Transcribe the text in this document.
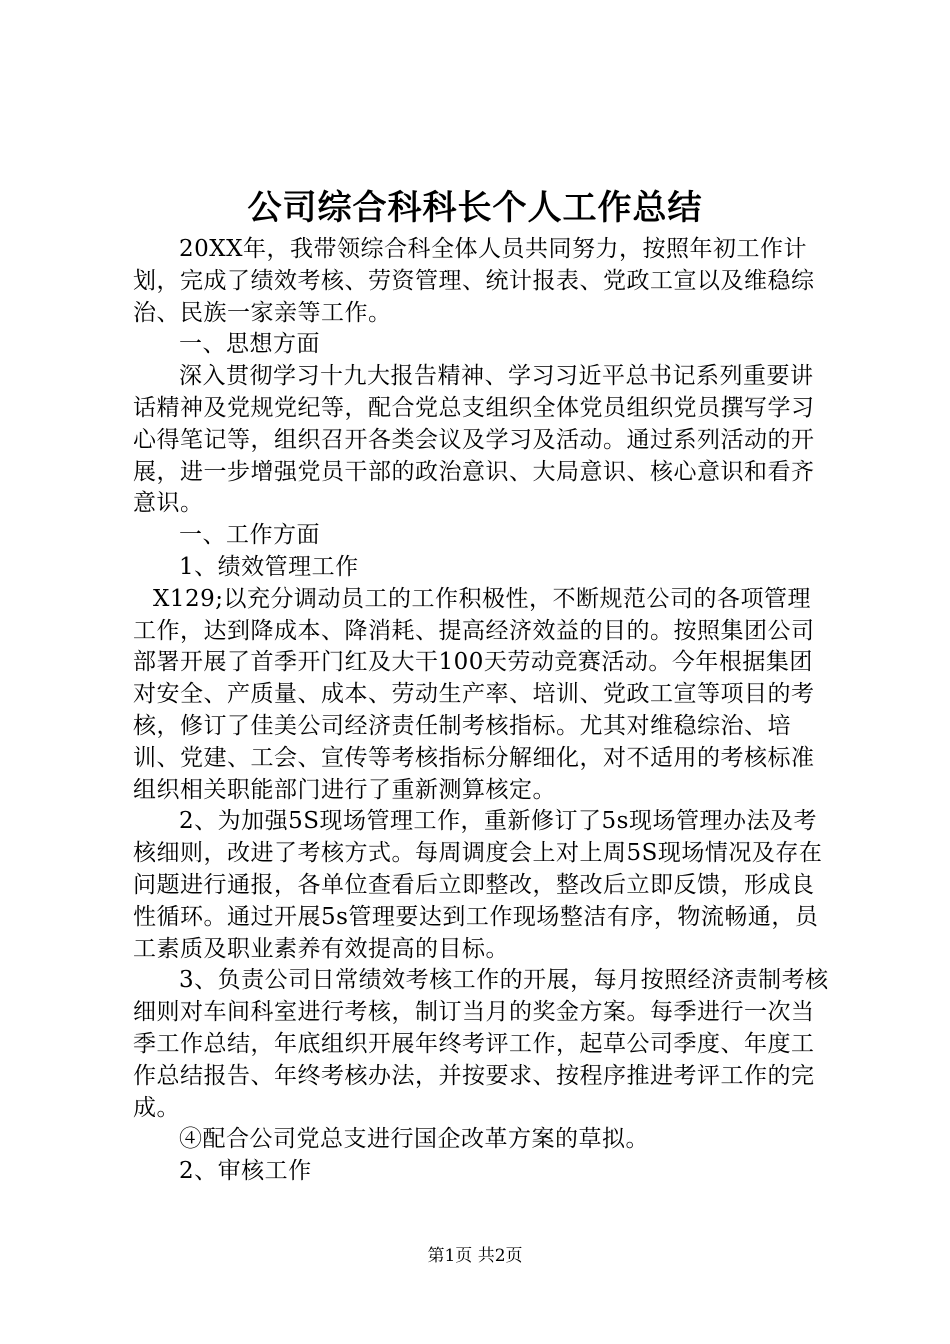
公司综合科科长个人工作总结

20XX年，我带领综合科全体人员共同努力，按照年初工作计划，完成了绩效考核、劳资管理、统计报表、党政工宣以及维稳综治、民族一家亲等工作。

一、思想方面

深入贯彻学习十九大报告精神、学习习近平总书记系列重要讲话精神及党规党纪等，配合党总支组织全体党员组织党员撰写学习心得笔记等，组织召开各类会议及学习及活动。通过系列活动的开展，进一步增强党员干部的政治意识、大局意识、核心意识和看齐意识。

一、工作方面

1、绩效管理工作

X129;以充分调动员工的工作积极性，不断规范公司的各项管理工作，达到降成本、降消耗、提高经济效益的目的。按照集团公司部署开展了首季开门红及大干100天劳动竞赛活动。今年根据集团对安全、产质量、成本、劳动生产率、培训、党政工宣等项目的考核，修订了佳美公司经济责任制考核指标。尤其对维稳综治、培训、党建、工会、宣传等考核指标分解细化，对不适用的考核标准组织相关职能部门进行了重新测算核定。

2、为加强5S现场管理工作，重新修订了5s现场管理办法及考核细则，改进了考核方式。每周调度会上对上周5S现场情况及存在问题进行通报，各单位查看后立即整改，整改后立即反馈，形成良性循环。通过开展5s管理要达到工作现场整洁有序，物流畅通，员工素质及职业素养有效提高的目标。

3、负责公司日常绩效考核工作的开展，每月按照经济责制考核细则对车间科室进行考核，制订当月的奖金方案。每季进行一次当季工作总结，年底组织开展年终考评工作，起草公司季度、年度工作总结报告、年终考核办法，并按要求、按程序推进考评工作的完成。

④配合公司党总支进行国企改革方案的草拟。

2、审核工作

第1页 共2页
